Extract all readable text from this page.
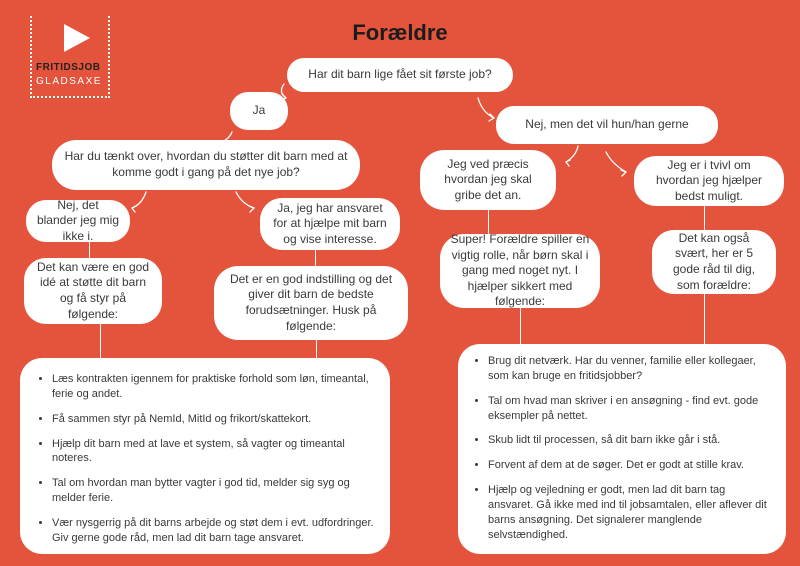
FRITIDSJOB
GLADSAXE
Forældre
Har dit barn lige fået sit første job?
Ja
Nej, men det vil hun/han gerne
Har du tænkt over, hvordan du støtter dit barn med at komme godt i gang på det nye job?
Nej, det blander jeg mig ikke i.
Det kan være en god idé at støtte dit barn og få styr på følgende:
Ja, jeg har ansvaret for at hjælpe mit barn og vise interesse.
Det er en god indstilling og det giver dit barn de bedste forudsætninger. Husk på følgende:
Jeg ved præcis hvordan jeg skal gribe det an.
Jeg er i tvivl om hvordan jeg hjælper bedst muligt.
Super! Forældre spiller en vigtig rolle, når børn skal i gang med noget nyt. I hjælper sikkert med følgende:
Det kan også svært, her er 5 gode råd til dig, som forældre:
• Læs kontrakten igennem for praktiske forhold som løn, timeantal, ferie og andet.
• Få sammen styr på NemId, MitId og frikort/skattekort.
• Hjælp dit barn med at lave et system, så vagter og timeantal noteres.
• Tal om hvordan man bytter vagter i god tid, melder sig syg og melder ferie.
• Vær nysgerrig på dit barns arbejde og støt dem i evt. udfordringer. Giv gerne gode råd, men lad dit barn tage ansvaret.
• Brug dit netværk. Har du venner, familie eller kollegaer, som kan bruge en fritidsjobber?
• Tal om hvad man skriver i en ansøgning - find evt. gode eksempler på nettet.
• Skub lidt til processen, så dit barn ikke går i stå.
• Forvent af dem at de søger. Det er godt at stille krav.
• Hjælp og vejledning er godt, men lad dit barn tag ansvaret. Gå ikke med ind til jobsamtalen, eller aflever dit barns ansøgning. Det signalerer manglende selvstændighed.
